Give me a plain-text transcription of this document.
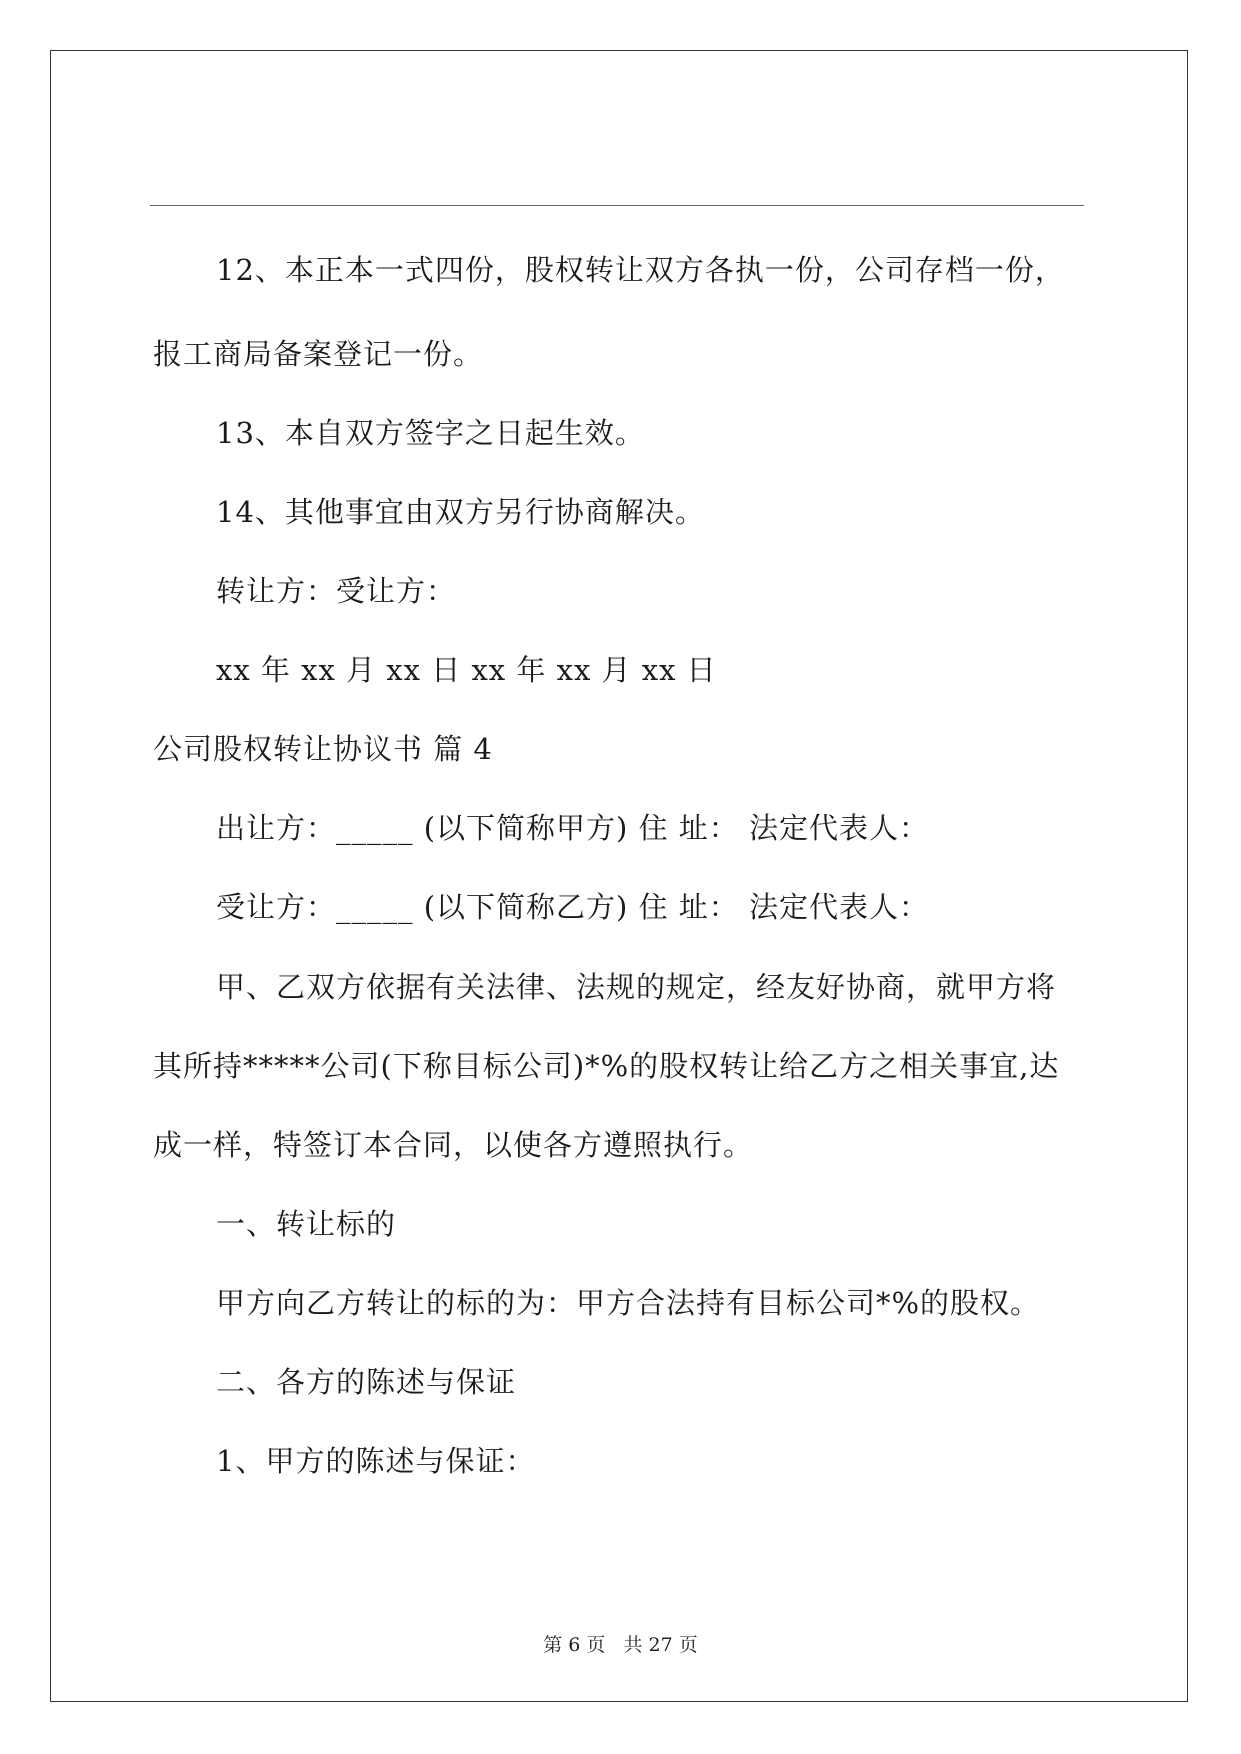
12、本正本一式四份，股权转让双方各执一份，公司存档一份，
报工商局备案登记一份。
13、本自双方签字之日起生效。
14、其他事宜由双方另行协商解决。
转让方：受让方：
xx 年 xx 月 xx 日 xx 年 xx 月 xx 日
公司股权转让协议书 篇 4
出让方：_____ (以下简称甲方) 住 址： 法定代表人：
受让方：_____ (以下简称乙方) 住 址： 法定代表人：
甲、乙双方依据有关法律、法规的规定，经友好协商，就甲方将
其所持*****公司(下称目标公司)*%的股权转让给乙方之相关事宜,达
成一样，特签订本合同，以使各方遵照执行。
一、转让标的
甲方向乙方转让的标的为：甲方合法持有目标公司*%的股权。
二、各方的陈述与保证
1、甲方的陈述与保证：
第 6 页 共 27 页
